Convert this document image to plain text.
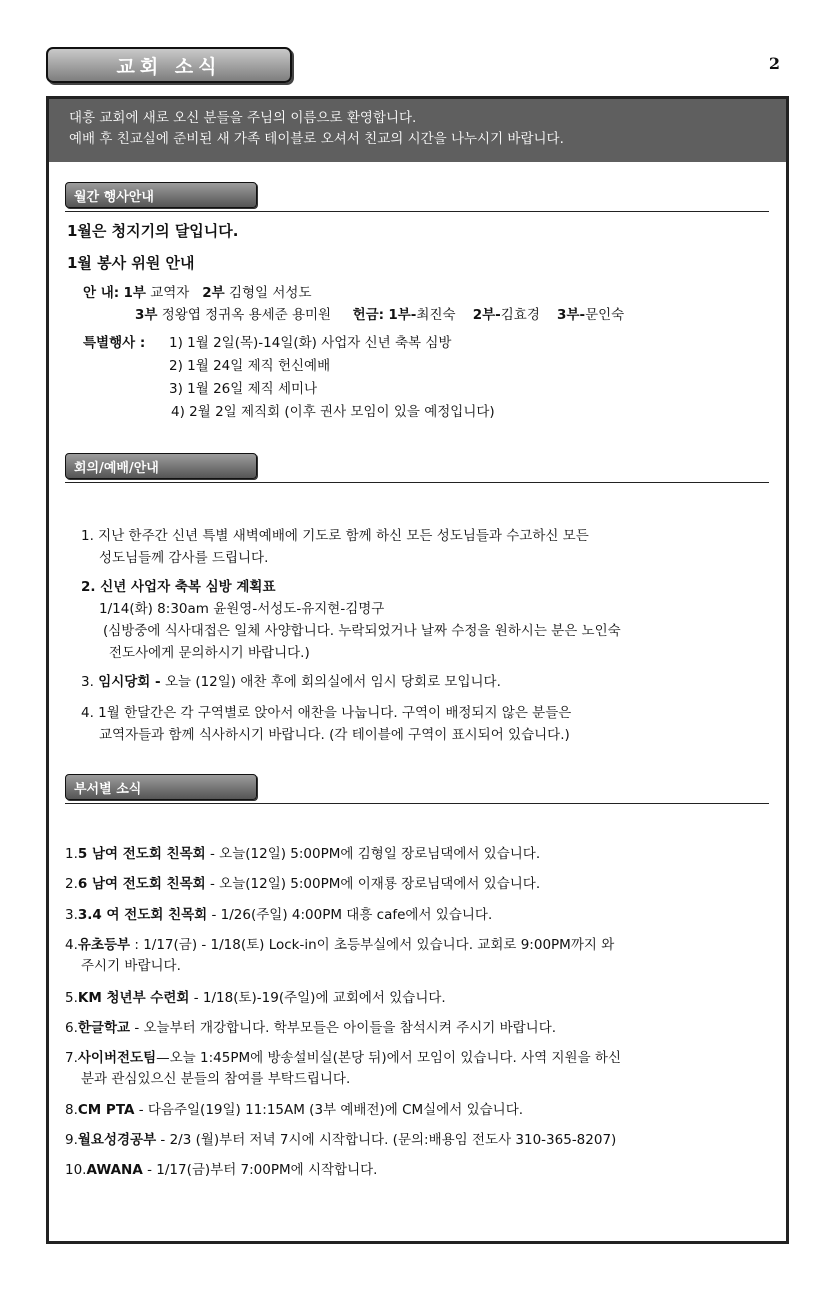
교회 소식	2
대흥 교회에 새로 오신 분들을 주님의 이름으로 환영합니다.
예배 후 친교실에 준비된 새 가족 테이블로 오셔서 친교의 시간을 나누시기 바랍니다.
월간 행사안내
1월은 청지기의 달입니다.
1월 봉사 위원 안내
안 내: 1부 교역자 2부 김형일 서성도
3부 정왕엽 정귀옥 용세준 용미원 헌금: 1부-최진숙 2부-김효경 3부-문인숙
특별행사 : 1) 1월 2일(목)-14일(화) 사업자 신년 축복 심방
2) 1월 24일 제직 헌신예배
3) 1월 26일 제직 세미나
4) 2월 2일 제직회 (이후 권사 모임이 있을 예정입니다)
회의/예배/안내
1. 지난 한주간 신년 특별 새벽예배에 기도로 함께 하신 모든 성도님들과 수고하신 모든
성도님들께 감사를 드립니다.
2. 신년 사업자 축복 심방 계획표
1/14(화) 8:30am 윤원영-서성도-유지현-김명구
(심방중에 식사대접은 일체 사양합니다. 누락되었거나 날짜 수정을 원하시는 분은 노인숙
전도사에게 문의하시기 바랍니다.)
3. 임시당회 - 오늘 (12일) 애찬 후에 회의실에서 임시 당회로 모입니다.
4. 1월 한달간은 각 구역별로 앉아서 애찬을 나눕니다. 구역이 배정되지 않은 분들은
교역자들과 함께 식사하시기 바랍니다. (각 테이블에 구역이 표시되어 있습니다.)
부서별 소식
1.5 남여 전도회 친목회 - 오늘(12일) 5:00PM에 김형일 장로님댁에서 있습니다.
2.6 남여 전도회 친목회 - 오늘(12일) 5:00PM에 이재룡 장로님댁에서 있습니다.
3.3.4 여 전도회 친목회 - 1/26(주일) 4:00PM 대흥 cafe에서 있습니다.
4.유초등부 : 1/17(금) - 1/18(토) Lock-in이 초등부실에서 있습니다. 교회로 9:00PM까지 와
주시기 바랍니다.
5.KM 청년부 수련회 - 1/18(토)-19(주일)에 교회에서 있습니다.
6.한글학교 - 오늘부터 개강합니다. 학부모들은 아이들을 참석시켜 주시기 바랍니다.
7.사이버전도팀—오늘 1:45PM에 방송설비실(본당 뒤)에서 모임이 있습니다. 사역 지원을 하신
분과 관심있으신 분들의 참여를 부탁드립니다.
8.CM PTA - 다음주일(19일) 11:15AM (3부 예배전)에 CM실에서 있습니다.
9.월요성경공부 - 2/3 (월)부터 저녁 7시에 시작합니다. (문의:배용임 전도사 310-365-8207)
10.AWANA - 1/17(금)부터 7:00PM에 시작합니다.
